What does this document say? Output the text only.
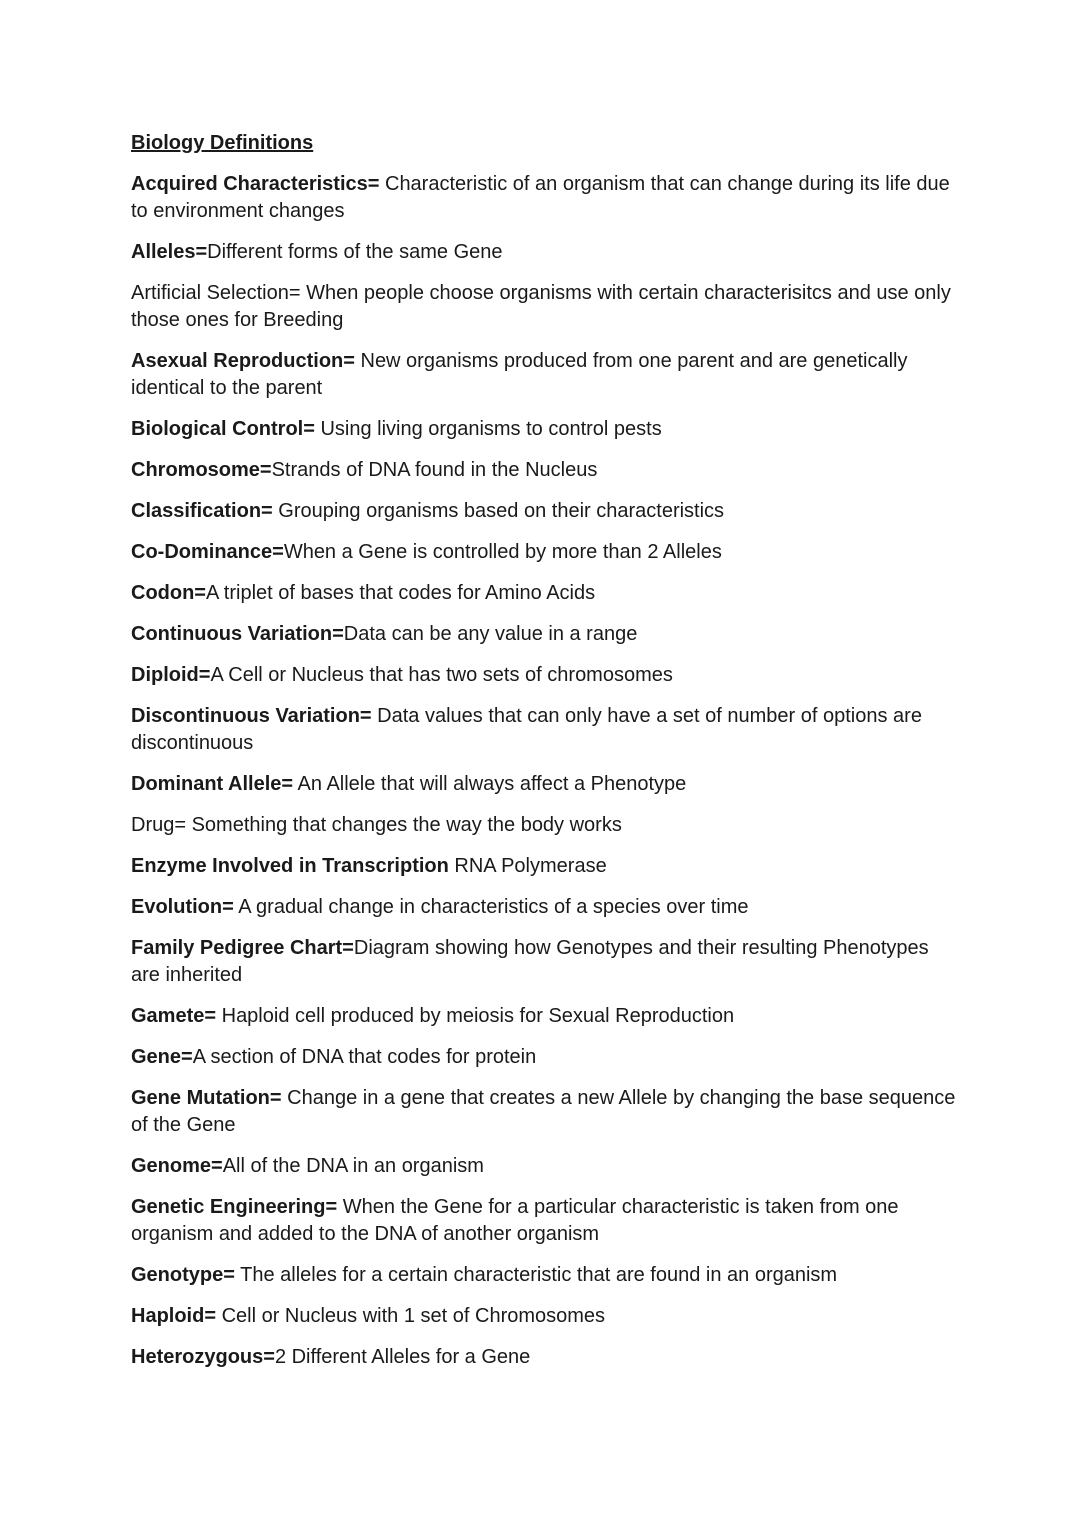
Biology Definitions
Acquired Characteristics= Characteristic of an organism that can change during its life due to environment changes
Alleles=Different forms of the same Gene
Artificial Selection= When people choose organisms with certain characterisitcs and use only those ones for Breeding
Asexual Reproduction= New organisms produced from one parent and are genetically identical to the parent
Biological Control= Using living organisms to control pests
Chromosome=Strands of DNA found in the Nucleus
Classification= Grouping organisms based on their characteristics
Co-Dominance=When a Gene is controlled by more than 2 Alleles
Codon=A triplet of bases that codes for Amino Acids
Continuous Variation=Data can be any value in a range
Diploid=A Cell or Nucleus that has two sets of chromosomes
Discontinuous Variation= Data values that can only have a set of number of options are discontinuous
Dominant Allele= An Allele that will always affect a Phenotype
Drug= Something that changes the way the body works
Enzyme Involved in Transcription RNA Polymerase
Evolution= A gradual change in characteristics of a species over time
Family Pedigree Chart=Diagram showing how Genotypes and their resulting Phenotypes are inherited
Gamete= Haploid cell produced by meiosis for Sexual Reproduction
Gene=A section of DNA that codes for protein
Gene Mutation= Change in a gene that creates a new Allele by changing the base sequence of the Gene
Genome=All of the DNA in an organism
Genetic Engineering= When the Gene for a particular characteristic is taken from one organism and added to the DNA of another organism
Genotype= The alleles for a certain characteristic that are found in an organism
Haploid= Cell or Nucleus with 1 set of Chromosomes
Heterozygous=2 Different Alleles for a Gene
